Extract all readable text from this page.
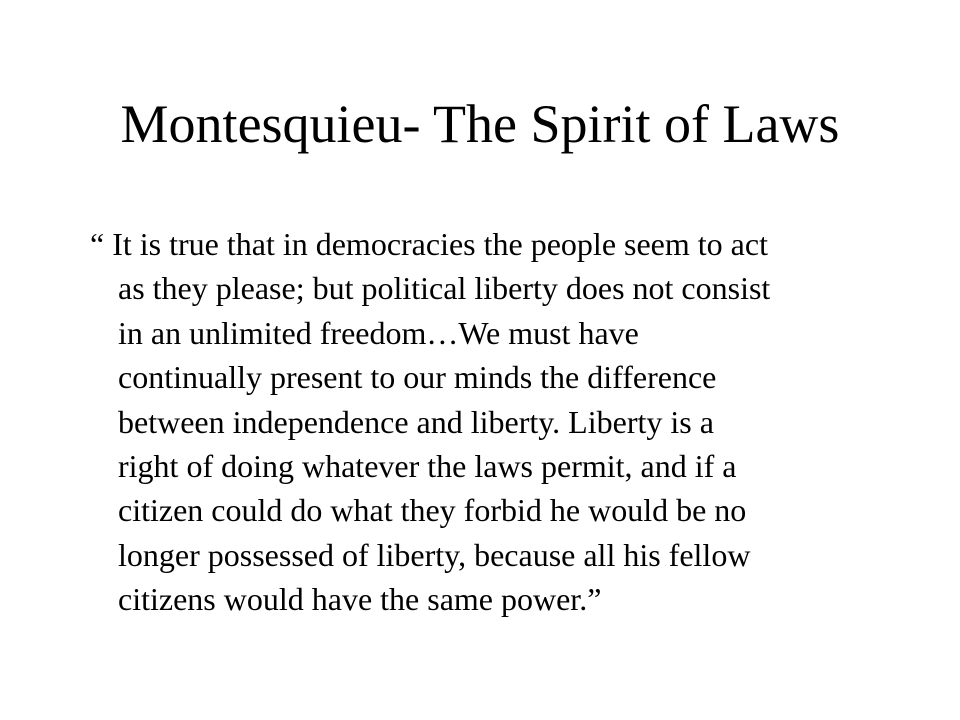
Montesquieu- The Spirit of Laws
“ It is true that in democracies the people seem to act
as they please; but political liberty does not consist
in an unlimited freedom…We must have
continually present to our minds the difference
between independence and liberty. Liberty is a
right of doing whatever the laws permit, and if a
citizen could do what they forbid he would be no
longer possessed of liberty, because all his fellow
citizens would have the same power.”
